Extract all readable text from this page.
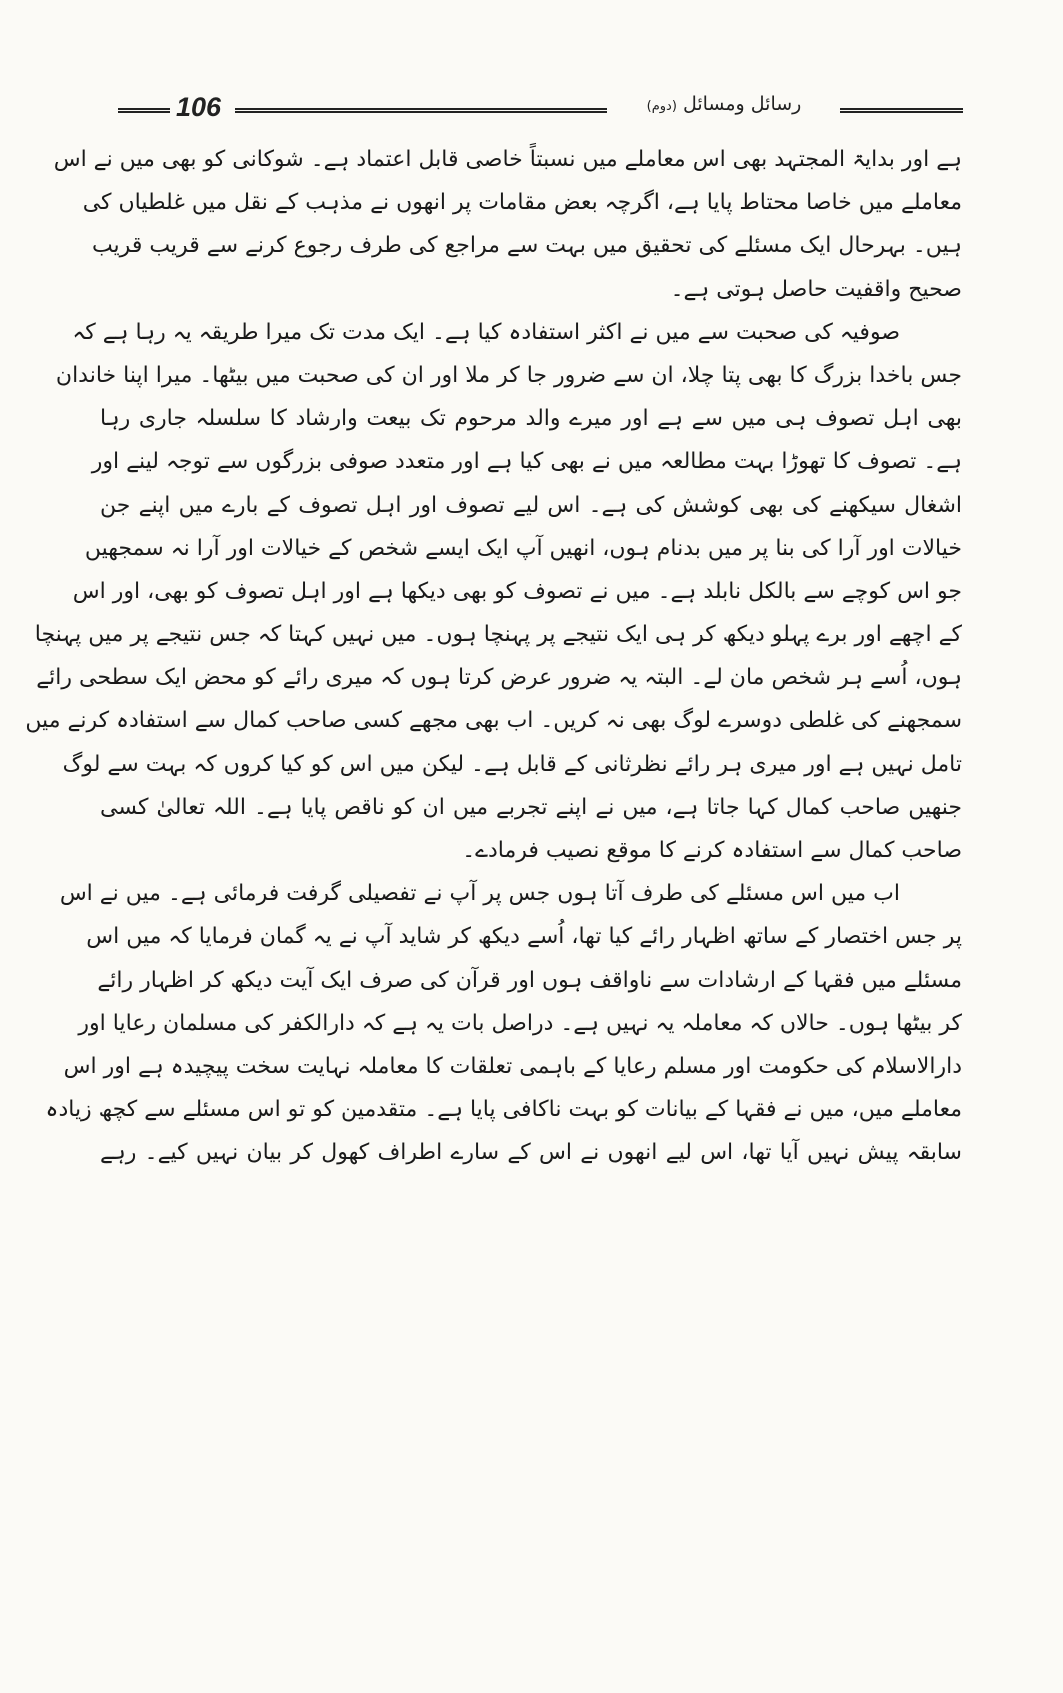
106	رسائل ومسائل (دوم)
ہے اور بدایۃ المجتہد بھی اس معاملے میں نسبتاً خاصی قابل اعتماد ہے۔ شوکانی کو بھی میں نے اس
معاملے میں خاصا محتاط پایا ہے، اگرچہ بعض مقامات پر انھوں نے مذہب کے نقل میں غلطیاں کی
ہیں۔ بہرحال ایک مسئلے کی تحقیق میں بہت سے مراجع کی طرف رجوع کرنے سے قریب قریب
صحیح واقفیت حاصل ہوتی ہے۔
صوفیہ کی صحبت سے میں نے اکثر استفادہ کیا ہے۔ ایک مدت تک میرا طریقہ یہ رہا ہے کہ
جس باخدا بزرگ کا بھی پتا چلا، ان سے ضرور جا کر ملا اور ان کی صحبت میں بیٹھا۔ میرا اپنا خاندان
بھی اہل تصوف ہی میں سے ہے اور میرے والد مرحوم تک بیعت وارشاد کا سلسلہ جاری رہا
ہے۔ تصوف کا تھوڑا بہت مطالعہ میں نے بھی کیا ہے اور متعدد صوفی بزرگوں سے توجہ لینے اور
اشغال سیکھنے کی بھی کوشش کی ہے۔ اس لیے تصوف اور اہل تصوف کے بارے میں اپنے جن
خیالات اور آرا کی بنا پر میں بدنام ہوں، انھیں آپ ایک ایسے شخص کے خیالات اور آرا نہ سمجھیں
جو اس کوچے سے بالکل نابلد ہے۔ میں نے تصوف کو بھی دیکھا ہے اور اہل تصوف کو بھی، اور اس
کے اچھے اور برے پہلو دیکھ کر ہی ایک نتیجے پر پہنچا ہوں۔ میں نہیں کہتا کہ جس نتیجے پر میں پہنچا
ہوں، اُسے ہر شخص مان لے۔ البتہ یہ ضرور عرض کرتا ہوں کہ میری رائے کو محض ایک سطحی رائے
سمجھنے کی غلطی دوسرے لوگ بھی نہ کریں۔ اب بھی مجھے کسی صاحب کمال سے استفادہ کرنے میں
تامل نہیں ہے اور میری ہر رائے نظرثانی کے قابل ہے۔ لیکن میں اس کو کیا کروں کہ بہت سے لوگ
جنھیں صاحب کمال کہا جاتا ہے، میں نے اپنے تجربے میں ان کو ناقص پایا ہے۔ اللہ تعالیٰ کسی
صاحب کمال سے استفادہ کرنے کا موقع نصیب فرمادے۔
اب میں اس مسئلے کی طرف آتا ہوں جس پر آپ نے تفصیلی گرفت فرمائی ہے۔ میں نے اس
پر جس اختصار کے ساتھ اظہار رائے کیا تھا، اُسے دیکھ کر شاید آپ نے یہ گمان فرمایا کہ میں اس
مسئلے میں فقہا کے ارشادات سے ناواقف ہوں اور قرآن کی صرف ایک آیت دیکھ کر اظہار رائے
کر بیٹھا ہوں۔ حالاں کہ معاملہ یہ نہیں ہے۔ دراصل بات یہ ہے کہ دارالکفر کی مسلمان رعایا اور
دارالاسلام کی حکومت اور مسلم رعایا کے باہمی تعلقات کا معاملہ نہایت سخت پیچیدہ ہے اور اس
معاملے میں، میں نے فقہا کے بیانات کو بہت ناکافی پایا ہے۔ متقدمین کو تو اس مسئلے سے کچھ زیادہ
سابقہ پیش نہیں آیا تھا، اس لیے انھوں نے اس کے سارے اطراف کھول کر بیان نہیں کیے۔ رہے
